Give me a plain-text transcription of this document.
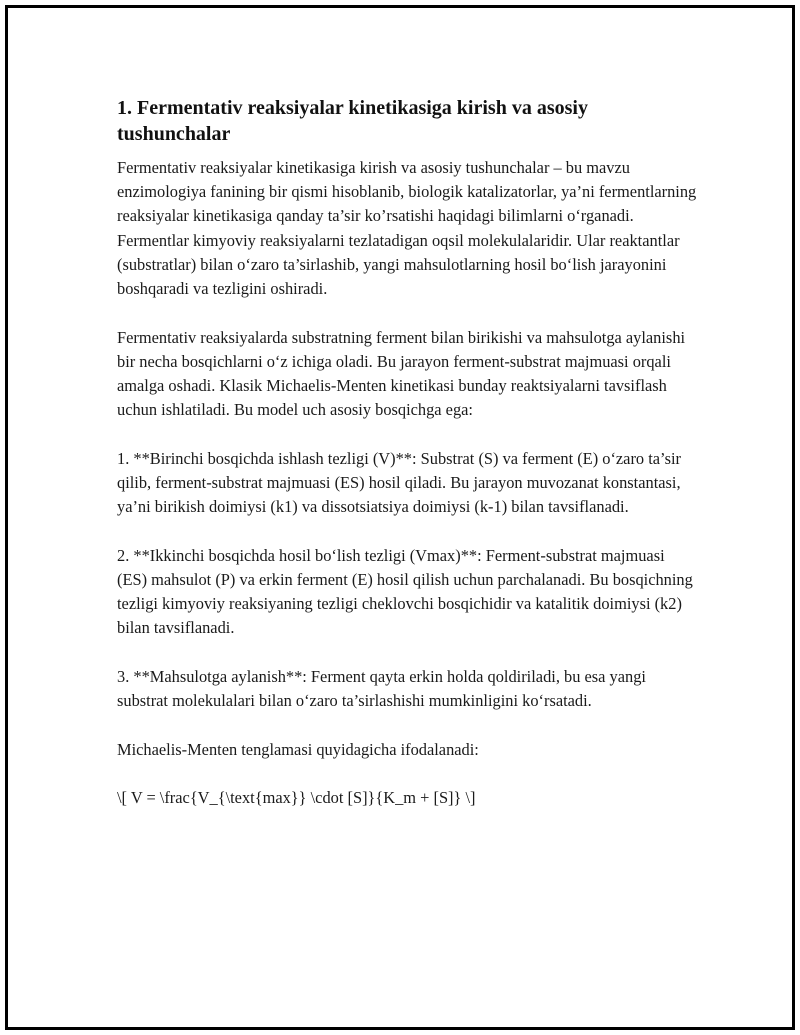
1. Fermentativ reaksiyalar kinetikasiga kirish va asosiy tushunchalar

Fermentativ reaksiyalar kinetikasiga kirish va asosiy tushunchalar – bu mavzu enzimologiya fanining bir qismi hisoblanib, biologik katalizatorlar, ya’ni fermentlarning reaksiyalar kinetikasiga qanday ta’sir ko’rsatishi haqidagi bilimlarni o‘rganadi. Fermentlar kimyoviy reaksiyalarni tezlatadigan oqsil molekulalaridir. Ular reaktantlar (substratlar) bilan o‘zaro ta’sirlashib, yangi mahsulotlarning hosil bo‘lish jarayonini boshqaradi va tezligini oshiradi.

Fermentativ reaksiyalarda substratning ferment bilan birikishi va mahsulotga aylanishi bir necha bosqichlarni o‘z ichiga oladi. Bu jarayon ferment-substrat majmuasi orqali amalga oshadi. Klasik Michaelis-Menten kinetikasi bunday reaktsiyalarni tavsiflash uchun ishlatiladi. Bu model uch asosiy bosqichga ega:

1. **Birinchi bosqichda ishlash tezligi (V)**: Substrat (S) va ferment (E) o‘zaro ta’sir qilib, ferment-substrat majmuasi (ES) hosil qiladi. Bu jarayon muvozanat konstantasi, ya’ni birikish doimiysi (k1) va dissotsiatsiya doimiysi (k-1) bilan tavsiflanadi.

2. **Ikkinchi bosqichda hosil bo‘lish tezligi (Vmax)**: Ferment-substrat majmuasi (ES) mahsulot (P) va erkin ferment (E) hosil qilish uchun parchalanadi. Bu bosqichning tezligi kimyoviy reaksiyaning tezligi cheklovchi bosqichidir va katalitik doimiysi (k2) bilan tavsiflanadi.

3. **Mahsulotga aylanish**: Ferment qayta erkin holda qoldiriladi, bu esa yangi substrat molekulalari bilan o‘zaro ta’sirlashishi mumkinligini ko‘rsatadi.

Michaelis-Menten tenglamasi quyidagicha ifodalanadi:

\[ V = \frac{V_{\text{max}} \cdot [S]}{K_m + [S]} \]
